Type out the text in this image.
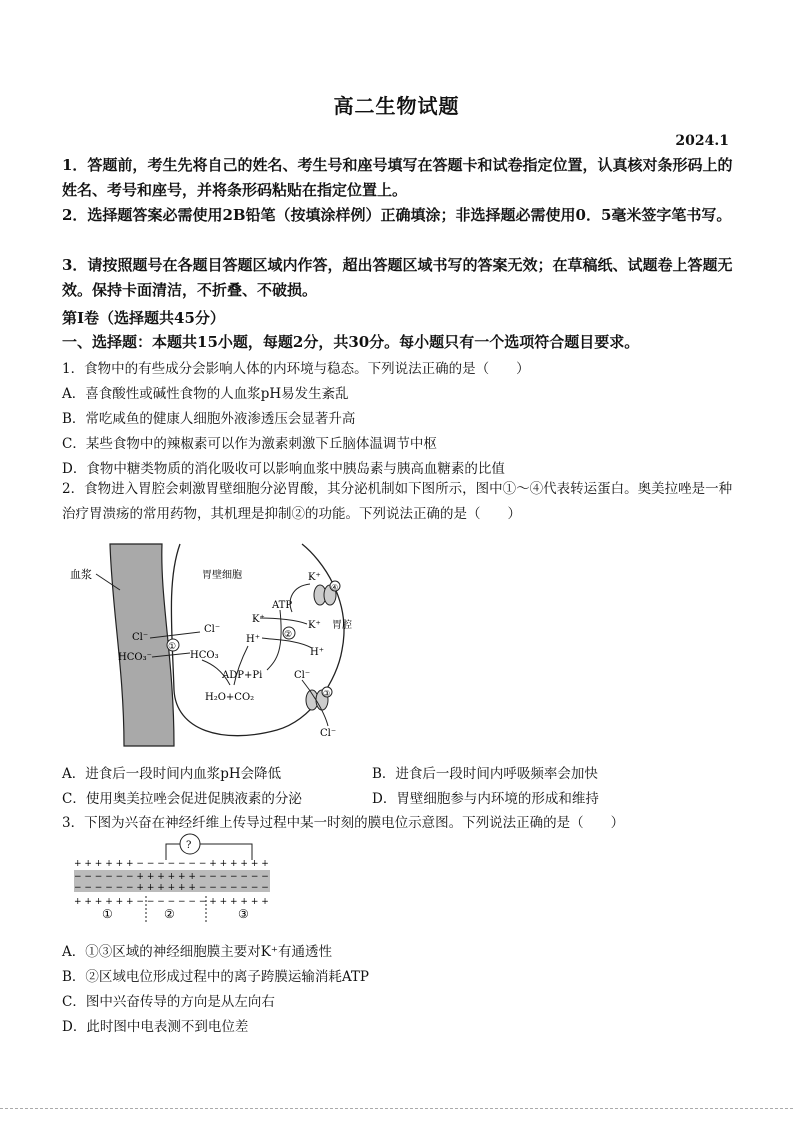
高二生物试题
2024.1
1．答题前，考生先将自己的姓名、考生号和座号填写在答题卡和试卷指定位置，认真核对条形码上的姓名、考号和座号，并将条形码粘贴在指定位置上。
2．选择题答案必需使用2B铅笔（按填涂样例）正确填涂；非选择题必需使用0．5毫米签字笔书写。
3．请按照题号在各题目答题区域内作答，超出答题区域书写的答案无效；在草稿纸、试题卷上答题无效。保持卡面清洁，不折叠、不破损。
第I卷（选择题共45分）
一、选择题：本题共15小题，每题2分，共30分。每小题只有一个选项符合题目要求。
1．食物中的有些成分会影响人体的内环境与稳态。下列说法正确的是（　　）
A．喜食酸性或碱性食物的人血浆pH易发生紊乱
B．常吃咸鱼的健康人细胞外液渗透压会显著升高
C．某些食物中的辣椒素可以作为激素刺激下丘脑体温调节中枢
D．食物中糖类物质的消化吸收可以影响血浆中胰岛素与胰高血糖素的比值
2．食物进入胃腔会刺激胃壁细胞分泌胃酸，其分泌机制如下图所示，图中①～④代表转运蛋白。奥美拉唑是一种治疗胃溃疡的常用药物，其机理是抑制②的功能。下列说法正确的是（　　）
血浆	胃壁细胞
胃腔
①
Cl⁻
HCO₃⁻
Cl⁻
HCO₃
②
ATP
K⁺
H⁺
K⁺
H⁺
ADP+Pi
H₂O+CO₂
④
K⁺
③
Cl⁻
Cl⁻
A．进食后一段时间内血浆pH会降低	B．进食后一段时间内呼吸频率会加快
C．使用奥美拉唑会促进促胰液素的分泌	D．胃壁细胞参与内环境的形成和维持
3．下图为兴奋在神经纤维上传导过程中某一时刻的膜电位示意图。下列说法正确的是（　　）
?
+ + + + + + − − − − − − − + + + + + +
− − − − − − + + + + + + − − − − − − −
− − − − − − + + + + + + − − − − − − −
+ + + + + + − − − − − − − + + + + + +
①	②	③
A．①③区域的神经细胞膜主要对K⁺有通透性
B．②区域电位形成过程中的离子跨膜运输消耗ATP
C．图中兴奋传导的方向是从左向右
D．此时图中电表测不到电位差
